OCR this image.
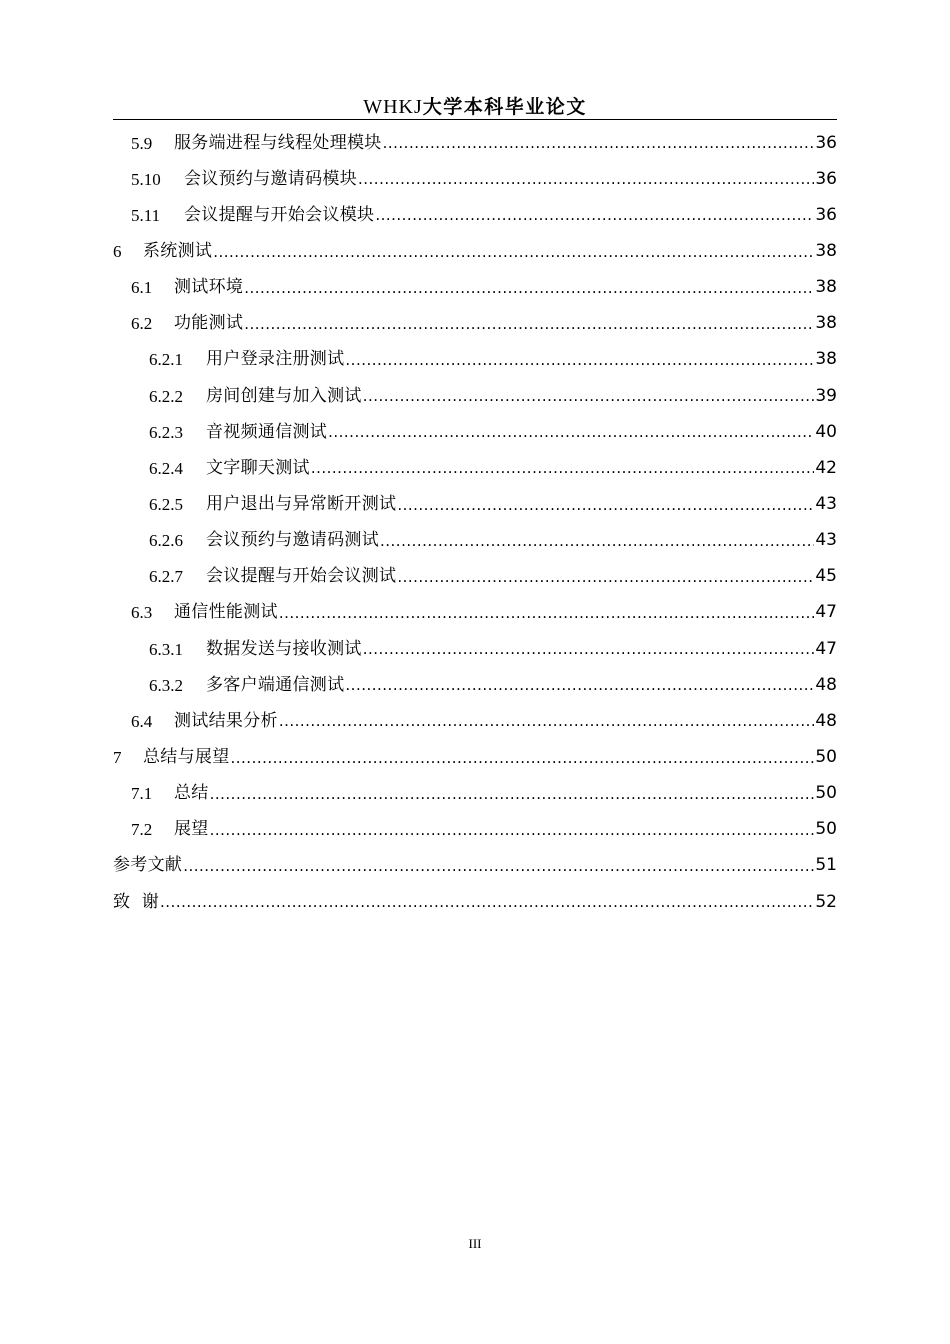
WHKJ大学本科毕业论文
5.9	服务端进程与线程处理模块 .....	36
5.10	会议预约与邀请码模块 .....	36
5.11	会议提醒与开始会议模块 .....	36
6	系统测试 .....	38
6.1	测试环境 .....	38
6.2	功能测试 .....	38
6.2.1	用户登录注册测试 .....	38
6.2.2	房间创建与加入测试 .....	39
6.2.3	音视频通信测试 .....	40
6.2.4	文字聊天测试 .....	42
6.2.5	用户退出与异常断开测试 .....	43
6.2.6	会议预约与邀请码测试 .....	43
6.2.7	会议提醒与开始会议测试 .....	45
6.3	通信性能测试 .....	47
6.3.1	数据发送与接收测试 .....	47
6.3.2	多客户端通信测试 .....	48
6.4	测试结果分析 .....	48
7	总结与展望 .....	50
7.1	总结 .....	50
7.2	展望 .....	50
参考文献 .....	51
致  谢 .....	52
III
